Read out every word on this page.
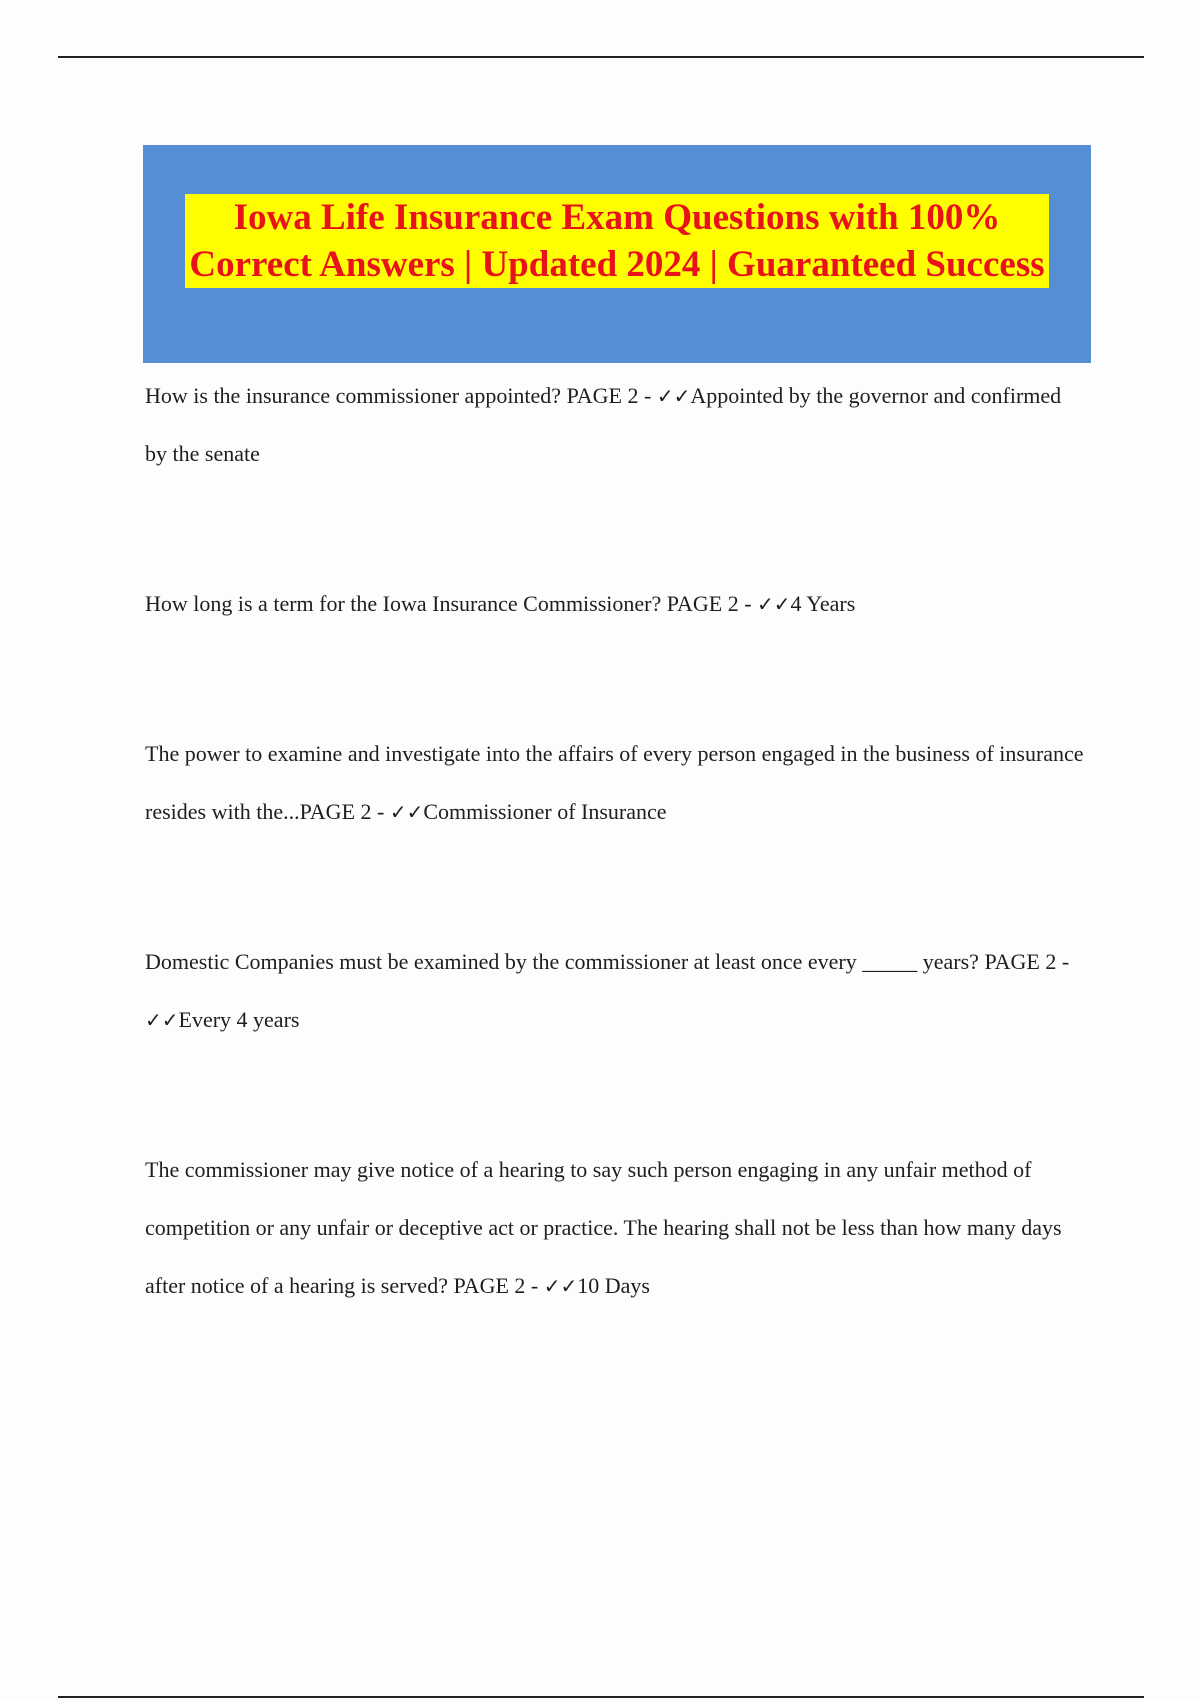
Iowa Life Insurance Exam Questions with 100%
Correct Answers | Updated 2024 | Guaranteed Success

How is the insurance commissioner appointed? PAGE 2 - ✓✓Appointed by the governor and confirmed by the senate

How long is a term for the Iowa Insurance Commissioner? PAGE 2 - ✓✓4 Years

The power to examine and investigate into the affairs of every person engaged in the business of insurance resides with the...PAGE 2 - ✓✓Commissioner of Insurance

Domestic Companies must be examined by the commissioner at least once every _____ years? PAGE 2 - ✓✓Every 4 years

The commissioner may give notice of a hearing to say such person engaging in any unfair method of competition or any unfair or deceptive act or practice. The hearing shall not be less than how many days after notice of a hearing is served? PAGE 2 - ✓✓10 Days
